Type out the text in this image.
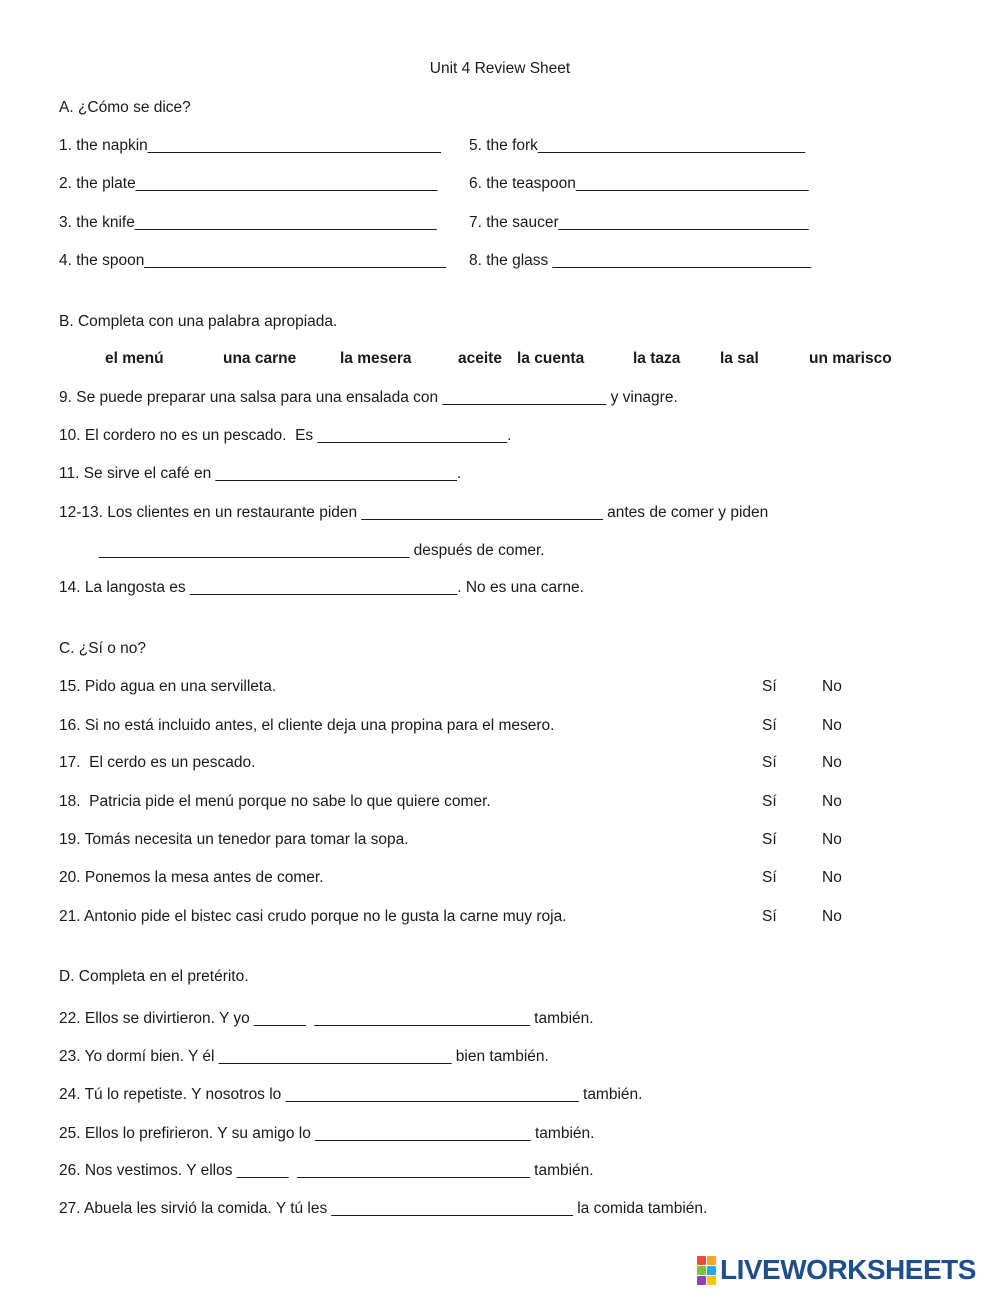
Unit 4 Review Sheet
A. ¿Cómo se dice?
1. the napkin__________________________________
2. the plate___________________________________
3. the knife___________________________________
4. the spoon___________________________________
5. the fork_______________________________
6. the teaspoon___________________________
7. the saucer_____________________________
8. the glass ______________________________
B. Completa con una palabra apropiada.
el menú	una carne	la mesera	aceite la cuenta	la taza	la sal	un marisco
9. Se puede preparar una salsa para una ensalada con ___________________ y vinagre.
10. El cordero no es un pescado.  Es ______________________.
11. Se sirve el café en ____________________________.
12-13. Los clientes en un restaurante piden ____________________________ antes de comer y piden
____________________________________ después de comer.
14. La langosta es _______________________________. No es una carne.
C. ¿Sí o no?
15. Pido agua en una servilleta.	Sí	No
16. Si no está incluido antes, el cliente deja una propina para el mesero.	Sí	No
17.  El cerdo es un pescado.	Sí	No
18.  Patricia pide el menú porque no sabe lo que quiere comer.	Sí	No
19. Tomás necesita un tenedor para tomar la sopa.	Sí	No
20. Ponemos la mesa antes de comer.	Sí	No
21. Antonio pide el bistec casi crudo porque no le gusta la carne muy roja.	Sí	No
D. Completa en el pretérito.
22. Ellos se divirtieron. Y yo ______  _________________________ también.
23. Yo dormí bien. Y él ___________________________ bien también.
24. Tú lo repetiste. Y nosotros lo __________________________________ también.
25. Ellos lo prefirieron. Y su amigo lo _________________________ también.
26. Nos vestimos. Y ellos ______  ___________________________ también.
27. Abuela les sirvió la comida. Y tú les ____________________________ la comida también.
LIVEWORKSHEETS
